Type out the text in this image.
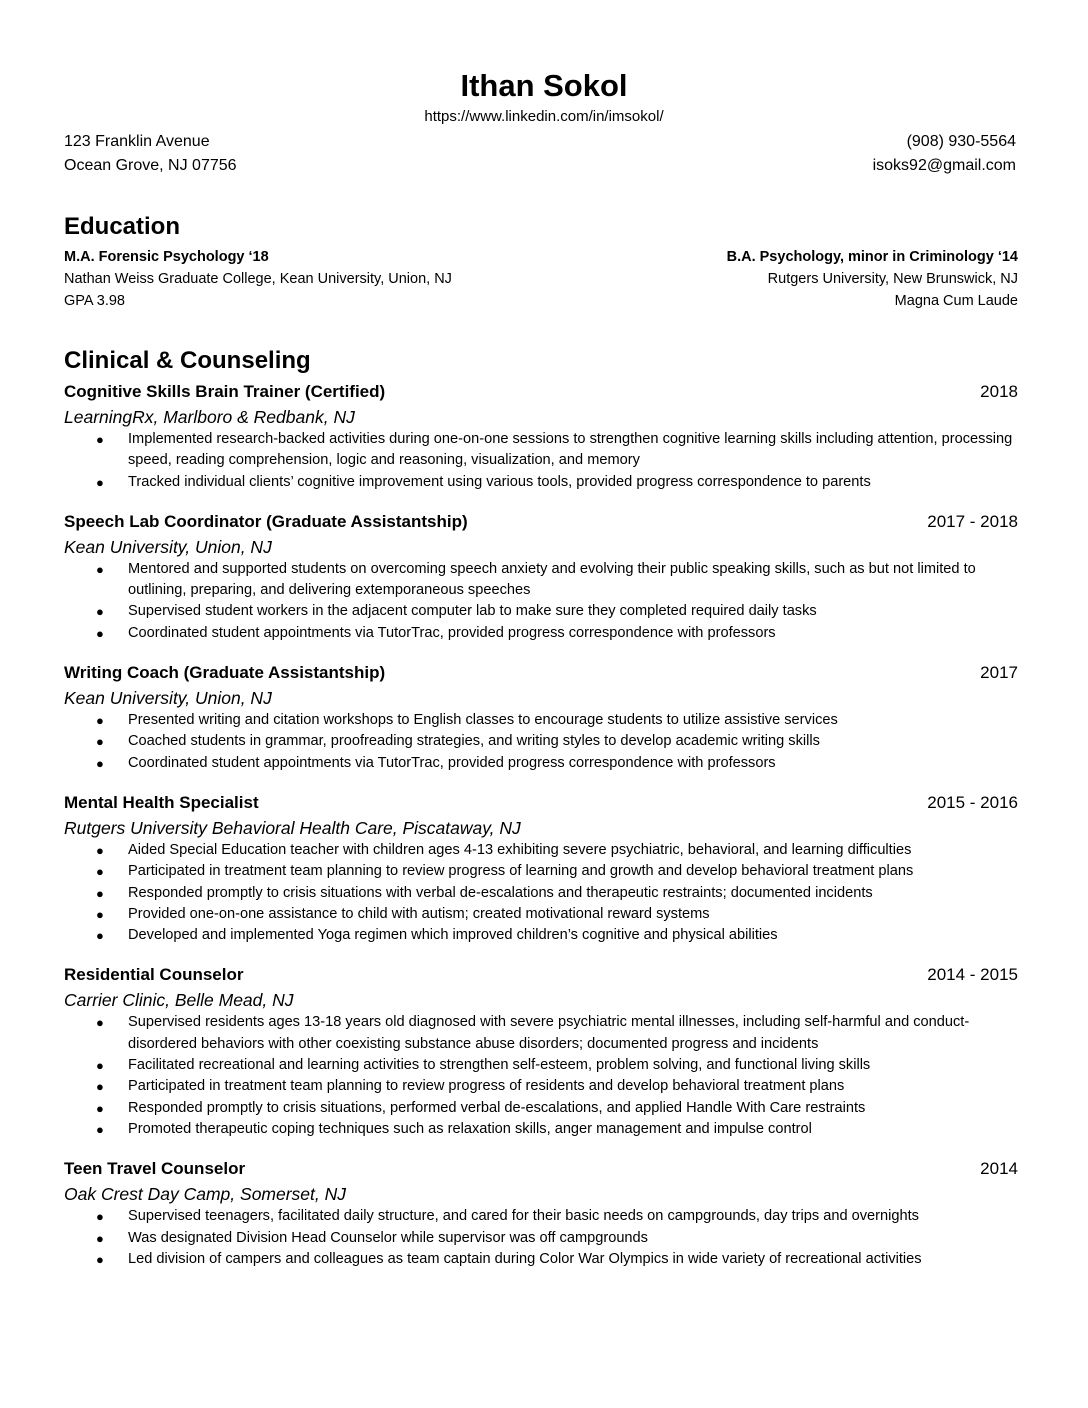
Ithan Sokol
https://www.linkedin.com/in/imsokol/
123 Franklin Avenue
Ocean Grove, NJ 07756
(908) 930-5564
isoks92@gmail.com
Education
M.A. Forensic Psychology ‘18
Nathan Weiss Graduate College, Kean University, Union, NJ
GPA 3.98
B.A. Psychology, minor in Criminology ‘14
Rutgers University, New Brunswick, NJ
Magna Cum Laude
Clinical & Counseling
Cognitive Skills Brain Trainer (Certified)	2018
LearningRx, Marlboro & Redbank, NJ
● Implemented research-backed activities during one-on-one sessions to strengthen cognitive learning skills including attention, processing speed, reading comprehension, logic and reasoning, visualization, and memory
● Tracked individual clients’ cognitive improvement using various tools, provided progress correspondence to parents
Speech Lab Coordinator (Graduate Assistantship)	2017 - 2018
Kean University, Union, NJ
● Mentored and supported students on overcoming speech anxiety and evolving their public speaking skills, such as but not limited to outlining, preparing, and delivering extemporaneous speeches
● Supervised student workers in the adjacent computer lab to make sure they completed required daily tasks
● Coordinated student appointments via TutorTrac, provided progress correspondence with professors
Writing Coach (Graduate Assistantship)	2017
Kean University, Union, NJ
● Presented writing and citation workshops to English classes to encourage students to utilize assistive services
● Coached students in grammar, proofreading strategies, and writing styles to develop academic writing skills
● Coordinated student appointments via TutorTrac, provided progress correspondence with professors
Mental Health Specialist	2015 - 2016
Rutgers University Behavioral Health Care, Piscataway, NJ
● Aided Special Education teacher with children ages 4-13 exhibiting severe psychiatric, behavioral, and learning difficulties
● Participated in treatment team planning to review progress of learning and growth and develop behavioral treatment plans
● Responded promptly to crisis situations with verbal de-escalations and therapeutic restraints; documented incidents
● Provided one-on-one assistance to child with autism; created motivational reward systems
● Developed and implemented Yoga regimen which improved children’s cognitive and physical abilities
Residential Counselor	2014 - 2015
Carrier Clinic, Belle Mead, NJ
● Supervised residents ages 13-18 years old diagnosed with severe psychiatric mental illnesses, including self-harmful and conduct-disordered behaviors with other coexisting substance abuse disorders; documented progress and incidents
● Facilitated recreational and learning activities to strengthen self-esteem, problem solving, and functional living skills
● Participated in treatment team planning to review progress of residents and develop behavioral treatment plans
● Responded promptly to crisis situations, performed verbal de-escalations, and applied Handle With Care restraints
● Promoted therapeutic coping techniques such as relaxation skills, anger management and impulse control
Teen Travel Counselor	2014
Oak Crest Day Camp, Somerset, NJ
● Supervised teenagers, facilitated daily structure, and cared for their basic needs on campgrounds, day trips and overnights
● Was designated Division Head Counselor while supervisor was off campgrounds
● Led division of campers and colleagues as team captain during Color War Olympics in wide variety of recreational activities
